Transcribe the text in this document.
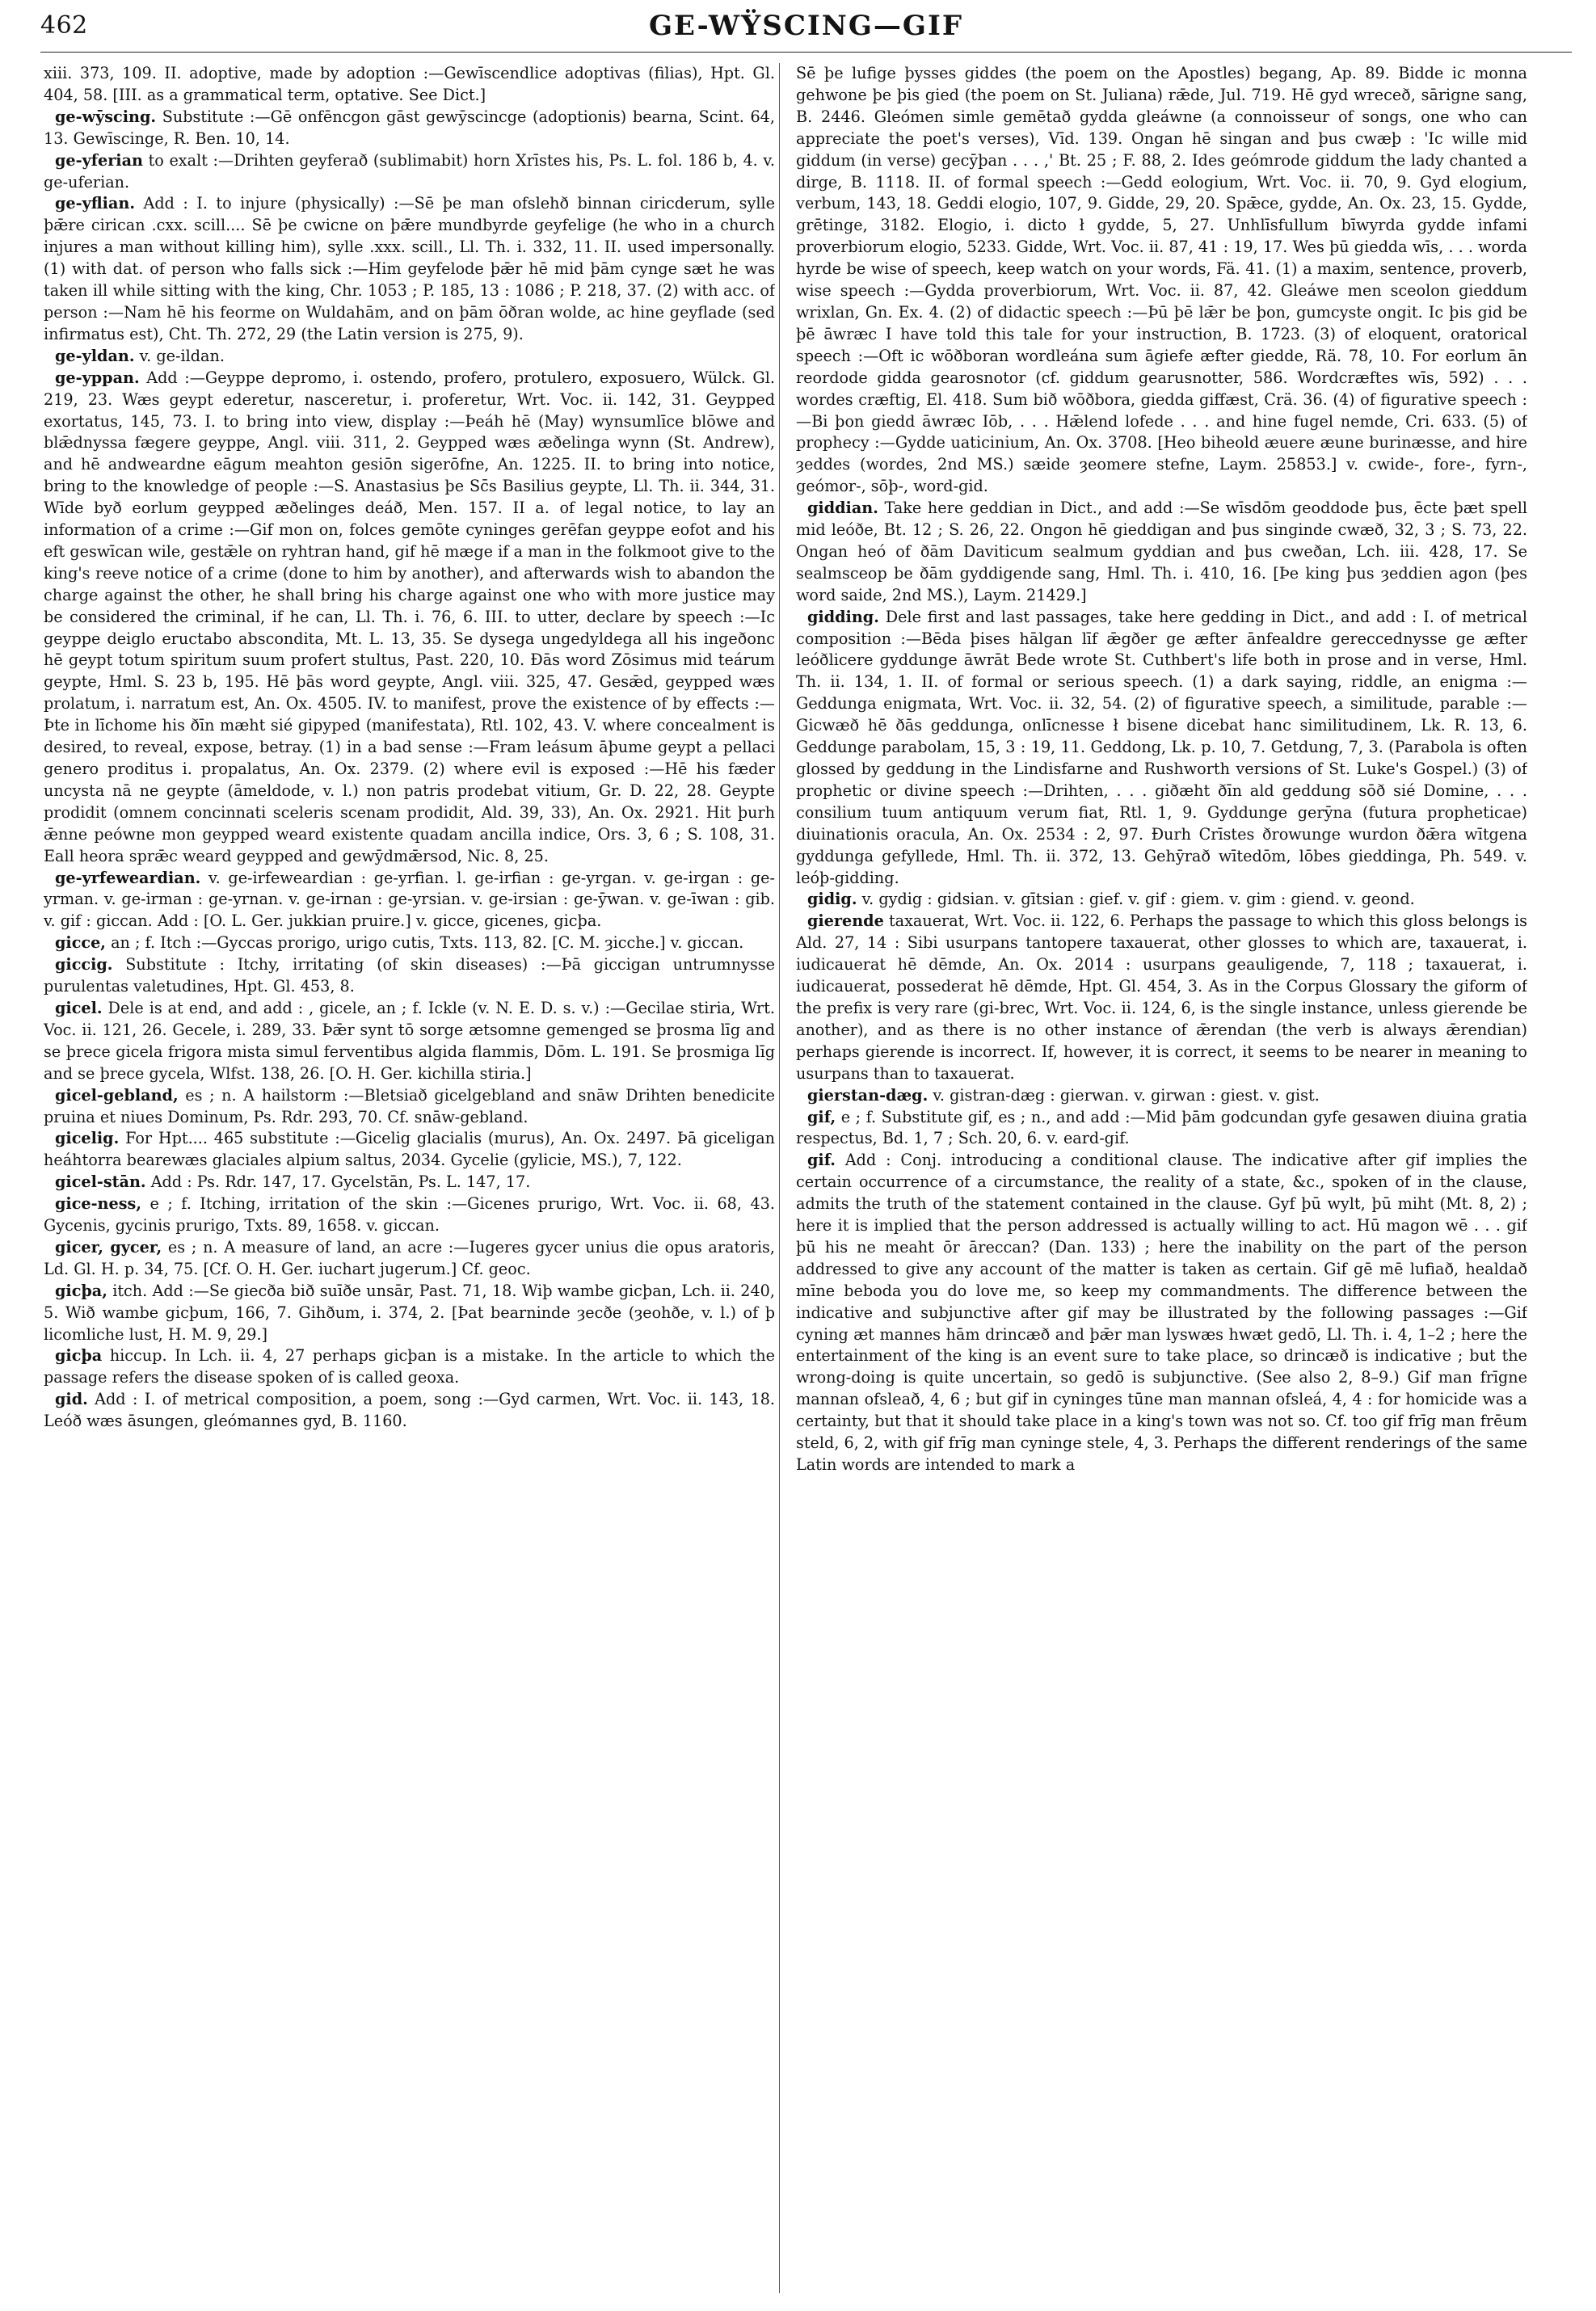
462	GE-WŸSCING—GIF

xiii. 373, 109. II. adoptive, made by adoption :—Gewīscendlice adoptivas (filias), Hpt. Gl. 404, 58. [III. as a grammatical term, optative. See Dict.]

ge-wȳscing. Substitute :—Gē onfēncgon gāst gewȳscincge (adoptionis) bearna, Scint. 64, 13. Gewīscinge, R. Ben. 10, 14.

ge-yferian to exalt :—Drihten geyferað (sublimabit) horn Xrīstes his, Ps. L. fol. 186 b, 4. v. ge-uferian.

ge-yflian. Add : I. to injure (physically) :—Sē þe man ofslehð binnan ciricderum, sylle þǣre cirican .cxx. scill.... Sē þe cwicne on þǣre mundbyrde geyfelige (he who in a church injures a man without killing him), sylle .xxx. scill., Ll. Th. i. 332, 11. II. used impersonally. (1) with dat. of person who falls sick :—Him geyfelode þǣr hē mid þām cynge sæt he was taken ill while sitting with the king, Chr. 1053 ; P. 185, 13 : 1086 ; P. 218, 37. (2) with acc. of person :—Nam hē his feorme on Wuldahām, and on þām ōðran wolde, ac hine geyflade (sed infirmatus est), Cht. Th. 272, 29 (the Latin version is 275, 9).

ge-yldan. v. ge-ildan.

ge-yppan. Add :—Geyppe depromo, i. ostendo, profero, protulero, exposuero, Wülck. Gl. 219, 23. Wæs geypt ederetur, nasceretur, i. proferetur, Wrt. Voc. ii. 142, 31. Geypped exortatus, 145, 73. I. to bring into view, display :—Þeáh hē (May) wynsumlīce blōwe and blǣdnyssa fægere geyppe, Angl. viii. 311, 2. Geypped wæs æðelinga wynn (St. Andrew), and hē andweardne eāgum meahton gesiōn sigerōfne, An. 1225. II. to bring into notice, bring to the knowledge of people :—S. Anastasius þe Sc̄s Basilius geypte, Ll. Th. ii. 344, 31. Wīde byð eorlum geypped æðelinges deáð, Men. 157. II a. of legal notice, to lay an information of a crime :—Gif mon on, folces gemōte cyninges gerēfan geyppe eofot and his eft geswīcan wile, gestǣle on ryhtran hand, gif hē mæge if a man in the folkmoot give to the king's reeve notice of a crime (done to him by another), and afterwards wish to abandon the charge against the other, he shall bring his charge against one who with more justice may be considered the criminal, if he can, Ll. Th. i. 76, 6. III. to utter, declare by speech :—Ic geyppe deiglo eructabo absconditа, Mt. L. 13, 35. Se dysega ungedyldega all his ingeðonc hē geypt totum spiritum suum profert stultus, Past. 220, 10. Ðās word Zōsimus mid teárum geypte, Hml. S. 23 b, 195. Hē þās word geypte, Angl. viii. 325, 47. Gesǣd, geypped wæs prolatum, i. narratum est, An. Ox. 4505. IV. to manifest, prove the existence of by effects :—Þte in līchome his ðīn mæht sié gipyped (manifestata), Rtl. 102, 43. V. where concealment is desired, to reveal, expose, betray. (1) in a bad sense :—Fram leásum āþume geypt a pellaci genero proditus i. propalatus, An. Ox. 2379. (2) where evil is exposed :—Hē his fæder uncysta nā ne geypte (āmeldode, v. l.) non patris prodebat vitium, Gr. D. 22, 28. Geypte prodidit (omnem concinnati sceleris scenam prodidit, Ald. 39, 33), An. Ox. 2921. Hit þurh ǣnne peówne mon geypped weard existente quadam ancilla indice, Ors. 3, 6 ; S. 108, 31. Eall heora sprǣc weard geypped and gewȳdmǣrsod, Nic. 8, 25.

ge-yrfeweardian. v. ge-irfeweardian : ge-yrfian. l. ge-irfian : ge-yrgan. v. ge-irgan : ge-yrman. v. ge-irman : ge-yrnan. v. ge-irnan : ge-yrsian. v. ge-irsian : ge-ȳwan. v. ge-īwan : gib. v. gif : giccan. Add : [O. L. Ger. jukkian pruire.] v. gicce, gicenes, gicþa.

gicce, an ; f. Itch :—Gyccas prorigo, urigo cutis, Txts. 113, 82. [C. M. ȝicche.] v. giccan.

giccig. Substitute : Itchy, irritating (of skin diseases) :—Þā giccigan untrumnysse purulentas valetudines, Hpt. Gl. 453, 8.

gicel. Dele is at end, and add : , gicele, an ; f. Ickle (v. N. E. D. s. v.) :—Gecilae stiria, Wrt. Voc. ii. 121, 26. Gecele, i. 289, 33. Þǣr synt tō sorge ætsomne gemenged se þrosma līg and se þrece gicela frigora mista simul ferventibus algida flammis, Dōm. L. 191. Se þrosmiga līg and se þrece gycela, Wlfst. 138, 26. [O. H. Ger. kichilla stiria.]

gicel-gebland, es ; n. A hailstorm :—Bletsiað gicelgebland and snāw Drihten benedicite pruina et niues Dominum, Ps. Rdr. 293, 70. Cf. snāw-gebland.

gicelig. For Hpt.... 465 substitute :—Gicelig glacialis (murus), An. Ox. 2497. Þā giceligan heáhtorra bearewæs glaciales alpium saltus, 2034. Gycelie (gylicie, MS.), 7, 122.

gicel-stān. Add : Ps. Rdr. 147, 17. Gycelstān, Ps. L. 147, 17.

gice-ness, e ; f. Itching, irritation of the skin :—Gicenes prurigo, Wrt. Voc. ii. 68, 43. Gycenis, gycinis prurigo, Txts. 89, 1658. v. giccan.

gicer, gycer, es ; n. A measure of land, an acre :—Iugeres gycer unius die opus aratoris, Ld. Gl. H. p. 34, 75. [Cf. O. H. Ger. iuchart jugerum.] Cf. geoc.

gicþa, itch. Add :—Se giecða bið suīðe unsār, Past. 71, 18. Wiþ wambe gicþan, Lch. ii. 240, 5. Wið wambe gicþum, 166, 7. Gihðum, i. 374, 2. [Þat bearninde ȝecðe (ȝeohðe, v. l.) of þ licomliche lust, H. M. 9, 29.]

gicþa hiccup. In Lch. ii. 4, 27 perhaps gicþan is a mistake. In the article to which the passage refers the disease spoken of is called geoxa.

gid. Add : I. of metrical composition, a poem, song :—Gyd carmen, Wrt. Voc. ii. 143, 18. Leóð wæs āsungen, gleómannes gyd, B. 1160.

Sē þe lufige þysses giddes (the poem on the Apostles) begang, Ap. 89. Bidde ic monna gehwone þe þis gied (the poem on St. Juliana) rǣde, Jul. 719. Hē gyd wreceð, sārigne sang, B. 2446. Gleómen simle gemētað gydda gleáwne (a connoisseur of songs, one who can appreciate the poet's verses), Vīd. 139. Ongan hē singan and þus cwæþ : 'Ic wille mid giddum (in verse) gecȳþan . . . ,' Bt. 25 ; F. 88, 2. Ides geómrode giddum the lady chanted a dirge, B. 1118. II. of formal speech :—Gedd eologium, Wrt. Voc. ii. 70, 9. Gyd elogium, verbum, 143, 18. Geddi elogio, 107, 9. Gidde, 29, 20. Spǣce, gydde, An. Ox. 23, 15. Gydde, grētinge, 3182. Elogio, i. dicto ł gydde, 5, 27. Unhlīsfullum bīwyrda gydde infami proverbiorum elogio, 5233. Gidde, Wrt. Voc. ii. 87, 41 : 19, 17. Wes þū giedda wīs, . . . worda hyrde be wise of speech, keep watch on your words, Fä. 41. (1) a maxim, sentence, proverb, wise speech :—Gydda proverbiorum, Wrt. Voc. ii. 87, 42. Gleáwe men sceolon gieddum wrixlan, Gn. Ex. 4. (2) of didactic speech :—Þū þē lǣr be þon, gumcyste ongit. Ic þis gid be þē āwræc I have told this tale for your instruction, B. 1723. (3) of eloquent, oratorical speech :—Oft ic wōðboran wordleána sum āgiefe æfter giedde, Rä. 78, 10. For eorlum ān reordode gidda gearosnotor (cf. giddum gearusnotter, 586. Wordcræftes wīs, 592) . . . wordes cræftig, El. 418. Sum bið wōðbora, giedda giffæst, Crä. 36. (4) of figurative speech :—Bi þon giedd āwræc Iōb, . . . Hǣlend lofede . . . and hine fugel nemde, Cri. 633. (5) of prophecy :—Gydde uaticinium, An. Ox. 3708. [Heo biheold æuere æune burinæsse, and hire ȝeddes (wordes, 2nd MS.) sæide ȝeomere stefne, Laym. 25853.] v. cwide-, fore-, fyrn-, geómor-, sōþ-, word-gid.

giddian. Take here geddian in Dict., and add :—Se wīsdōm geoddode þus, ēcte þæt spell mid leóðe, Bt. 12 ; S. 26, 22. Ongon hē gieddigan and þus singinde cwæð, 32, 3 ; S. 73, 22. Ongan heó of ðām Daviticum sealmum gyddian and þus cweðan, Lch. iii. 428, 17. Se sealmsceop be ðām gyddigende sang, Hml. Th. i. 410, 16. [Þe king þus ȝeddien agon (þes word saide, 2nd MS.), Laym. 21429.]

gidding. Dele first and last passages, take here gedding in Dict., and add : I. of metrical composition :—Bēda þises hālgan līf ǣgðer ge æfter ānfealdre gereccednysse ge æfter leóðlicere gyddunge āwrāt Bede wrote St. Cuthbert's life both in prose and in verse, Hml. Th. ii. 134, 1. II. of formal or serious speech. (1) a dark saying, riddle, an enigma :—Geddunga enigmata, Wrt. Voc. ii. 32, 54. (2) of figurative speech, a similitude, parable :—Gicwæð hē ðās geddunga, onlīcnesse ł bisene dicebat hanc similitudinem, Lk. R. 13, 6. Geddunge parabolam, 15, 3 : 19, 11. Geddong, Lk. p. 10, 7. Getdung, 7, 3. (Parabola is often glossed by geddung in the Lindisfarne and Rushworth versions of St. Luke's Gospel.) (3) of prophetic or divine speech :—Drihten, . . . giðæht ðīn ald geddung sōð sié Domine, . . . consilium tuum antiquum verum fiat, Rtl. 1, 9. Gyddunge gerȳna (futura propheticae) diuinationis oracula, An. Ox. 2534 : 2, 97. Ðurh Crīstes ðrowunge wurdon ðǣra wītgena gyddunga gefyllede, Hml. Th. ii. 372, 13. Gehȳrað wītedōm, lōbes gieddinga, Ph. 549. v. leóþ-gidding.

gidig. v. gydig : gidsian. v. gītsian : gief. v. gif : giem. v. gim : giend. v. geond.

gierende taxauerat, Wrt. Voc. ii. 122, 6. Perhaps the passage to which this gloss belongs is Ald. 27, 14 : Sibi usurpans tantopere taxauerat, other glosses to which are, taxauerat, i. iudicauerat hē dēmde, An. Ox. 2014 : usurpans geauligende, 7, 118 ; taxauerat, i. iudicauerat, possederat hē dēmde, Hpt. Gl. 454, 3. As in the Corpus Glossary the giform of the prefix is very rare (gi-brec, Wrt. Voc. ii. 124, 6, is the single instance, unless gierende be another), and as there is no other instance of ǣrendan (the verb is always ǣrendian) perhaps gierende is incorrect. If, however, it is correct, it seems to be nearer in meaning to usurpans than to taxauerat.

gierstan-dæg. v. gistran-dæg : gierwan. v. girwan : giest. v. gist.

gif, e ; f. Substitute gif, es ; n., and add :—Mid þām godcundan gyfe gesawen diuina gratia respectus, Bd. 1, 7 ; Sch. 20, 6. v. eard-gif.

gif. Add : Conj. introducing a conditional clause. The indicative after gif implies the certain occurrence of a circumstance, the reality of a state, &c., spoken of in the clause, admits the truth of the statement contained in the clause. Gyf þū wylt, þū miht (Mt. 8, 2) ; here it is implied that the person addressed is actually willing to act. Hū magon wē . . . gif þū his ne meaht ōr āreccan? (Dan. 133) ; here the inability on the part of the person addressed to give any account of the matter is taken as certain. Gif gē mē lufiað, healdað mīne beboda you do love me, so keep my commandments. The difference between the indicative and subjunctive after gif may be illustrated by the following passages :—Gif cyning æt mannes hām drincæð and þǣr man lyswæs hwæt gedō, Ll. Th. i. 4, 1–2 ; here the entertainment of the king is an event sure to take place, so drincæð is indicative ; but the wrong-doing is quite uncertain, so gedō is subjunctive. (See also 2, 8–9.) Gif man frīgne mannan ofsleað, 4, 6 ; but gif in cyninges tūne man mannan ofsleá, 4, 4 : for homicide was a certainty, but that it should take place in a king's town was not so. Cf. too gif frīg man frēum steld, 6, 2, with gif frīg man cyninge stele, 4, 3. Perhaps the different renderings of the same Latin words are intended to mark a
